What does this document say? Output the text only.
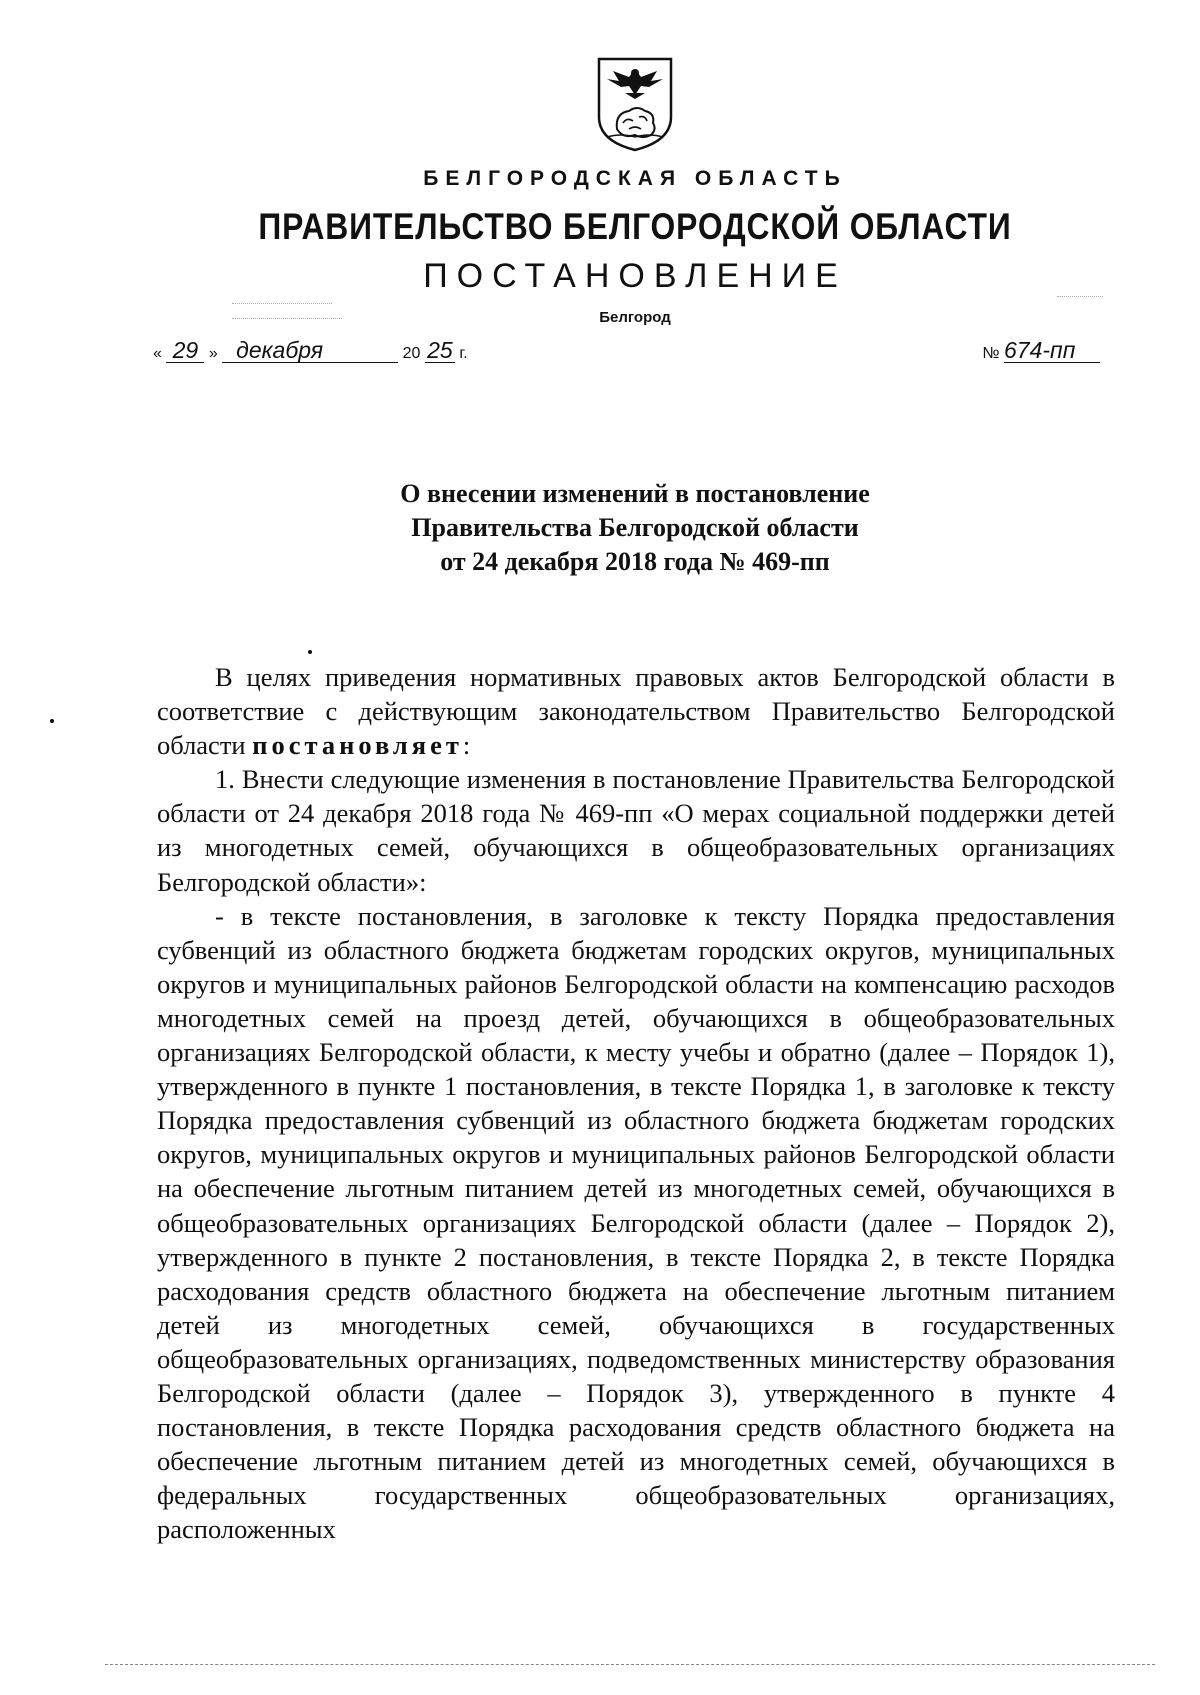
БЕЛГОРОДСКАЯ ОБЛАСТЬ
ПРАВИТЕЛЬСТВО БЕЛГОРОДСКОЙ ОБЛАСТИ
ПОСТАНОВЛЕНИЕ
Белгород
« 29 » декабря	20 25 г.	№ 674-пп
О внесении изменений в постановление
Правительства Белгородской области
от 24 декабря 2018 года № 469-пп

В целях приведения нормативных правовых актов Белгородской области в соответствие с действующим законодательством Правительство Белгородской области постановляет:

1. Внести следующие изменения в постановление Правительства Белгородской области от 24 декабря 2018 года № 469-пп «О мерах социальной поддержки детей из многодетных семей, обучающихся в общеобразовательных организациях Белгородской области»:

- в тексте постановления, в заголовке к тексту Порядка предоставления субвенций из областного бюджета бюджетам городских округов, муниципальных округов и муниципальных районов Белгородской области на компенсацию расходов многодетных семей на проезд детей, обучающихся в общеобразовательных организациях Белгородской области, к месту учебы и обратно (далее – Порядок 1), утвержденного в пункте 1 постановления, в тексте Порядка 1, в заголовке к тексту Порядка предоставления субвенций из областного бюджета бюджетам городских округов, муниципальных округов и муниципальных районов Белгородской области на обеспечение льготным питанием детей из многодетных семей, обучающихся в общеобразовательных организациях Белгородской области (далее – Порядок 2), утвержденного в пункте 2 постановления, в тексте Порядка 2, в тексте Порядка расходования средств областного бюджета на обеспечение льготным питанием детей из многодетных семей, обучающихся в государственных общеобразовательных организациях, подведомственных министерству образования Белгородской области (далее – Порядок 3), утвержденного в пункте 4 постановления, в тексте Порядка расходования средств областного бюджета на обеспечение льготным питанием детей из многодетных семей, обучающихся в федеральных государственных общеобразовательных организациях, расположенных
